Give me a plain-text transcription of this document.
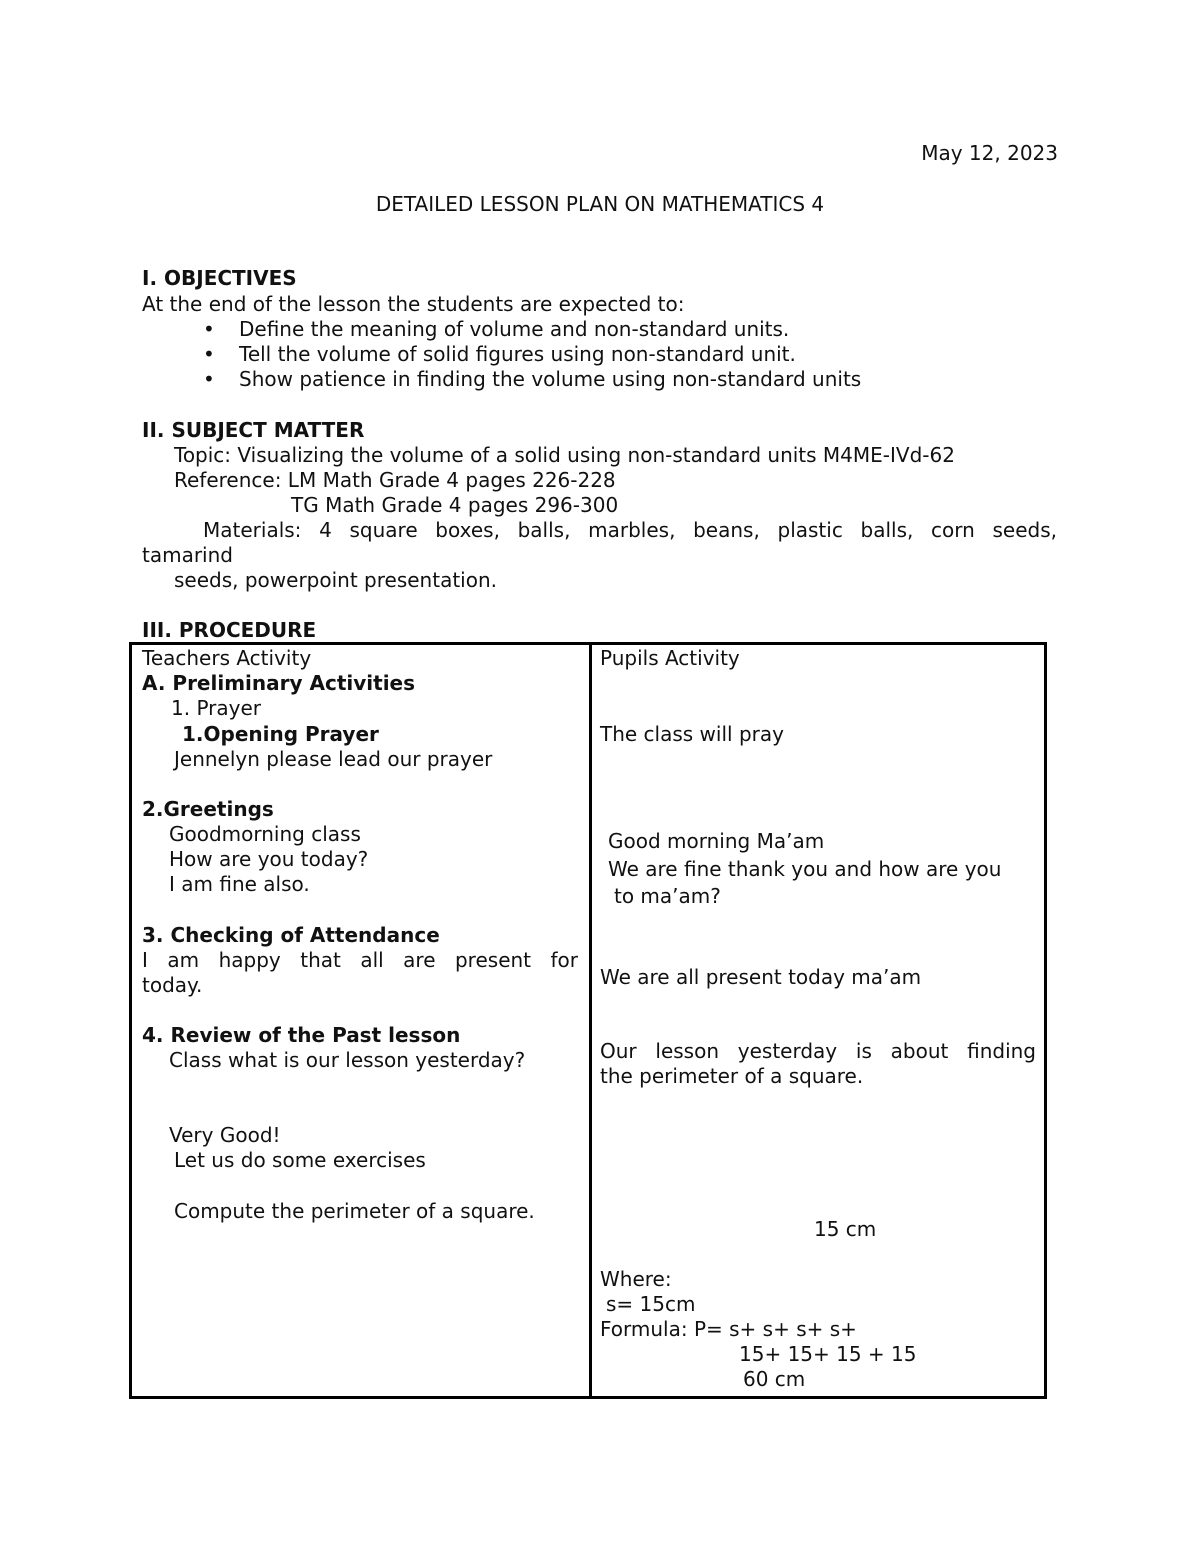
May 12, 2023
DETAILED LESSON PLAN ON MATHEMATICS 4
I. OBJECTIVES
At the end of the lesson the students are expected to:
• Define the meaning of volume and non-standard units.
• Tell the volume of solid figures using non-standard unit.
• Show patience in finding the volume using non-standard units
II. SUBJECT MATTER
Topic: Visualizing the volume of a solid using non-standard units M4ME-IVd-62
Reference: LM Math Grade 4 pages 226-228
TG Math Grade 4 pages 296-300
Materials: 4 square boxes, balls, marbles, beans, plastic balls, corn seeds,
tamarind
seeds, powerpoint presentation.
III. PROCEDURE
Teachers Activity
A. Preliminary Activities
1. Prayer
1.Opening Prayer
Jennelyn please lead our prayer
2.Greetings
Goodmorning class
How are you today?
I am fine also.
3. Checking of Attendance
I am happy that all are present for
today.
4. Review of the Past lesson
Class what is our lesson yesterday?
Very Good!
Let us do some exercises
Compute the perimeter of a square.
Pupils Activity
The class will pray
Good morning Ma’am
We are fine thank you and how are you
to ma’am?
We are all present today ma’am
Our lesson yesterday is about finding
the perimeter of a square.
15 cm
Where:
s= 15cm
Formula: P= s+ s+ s+ s+
15+ 15+ 15 + 15
60 cm
